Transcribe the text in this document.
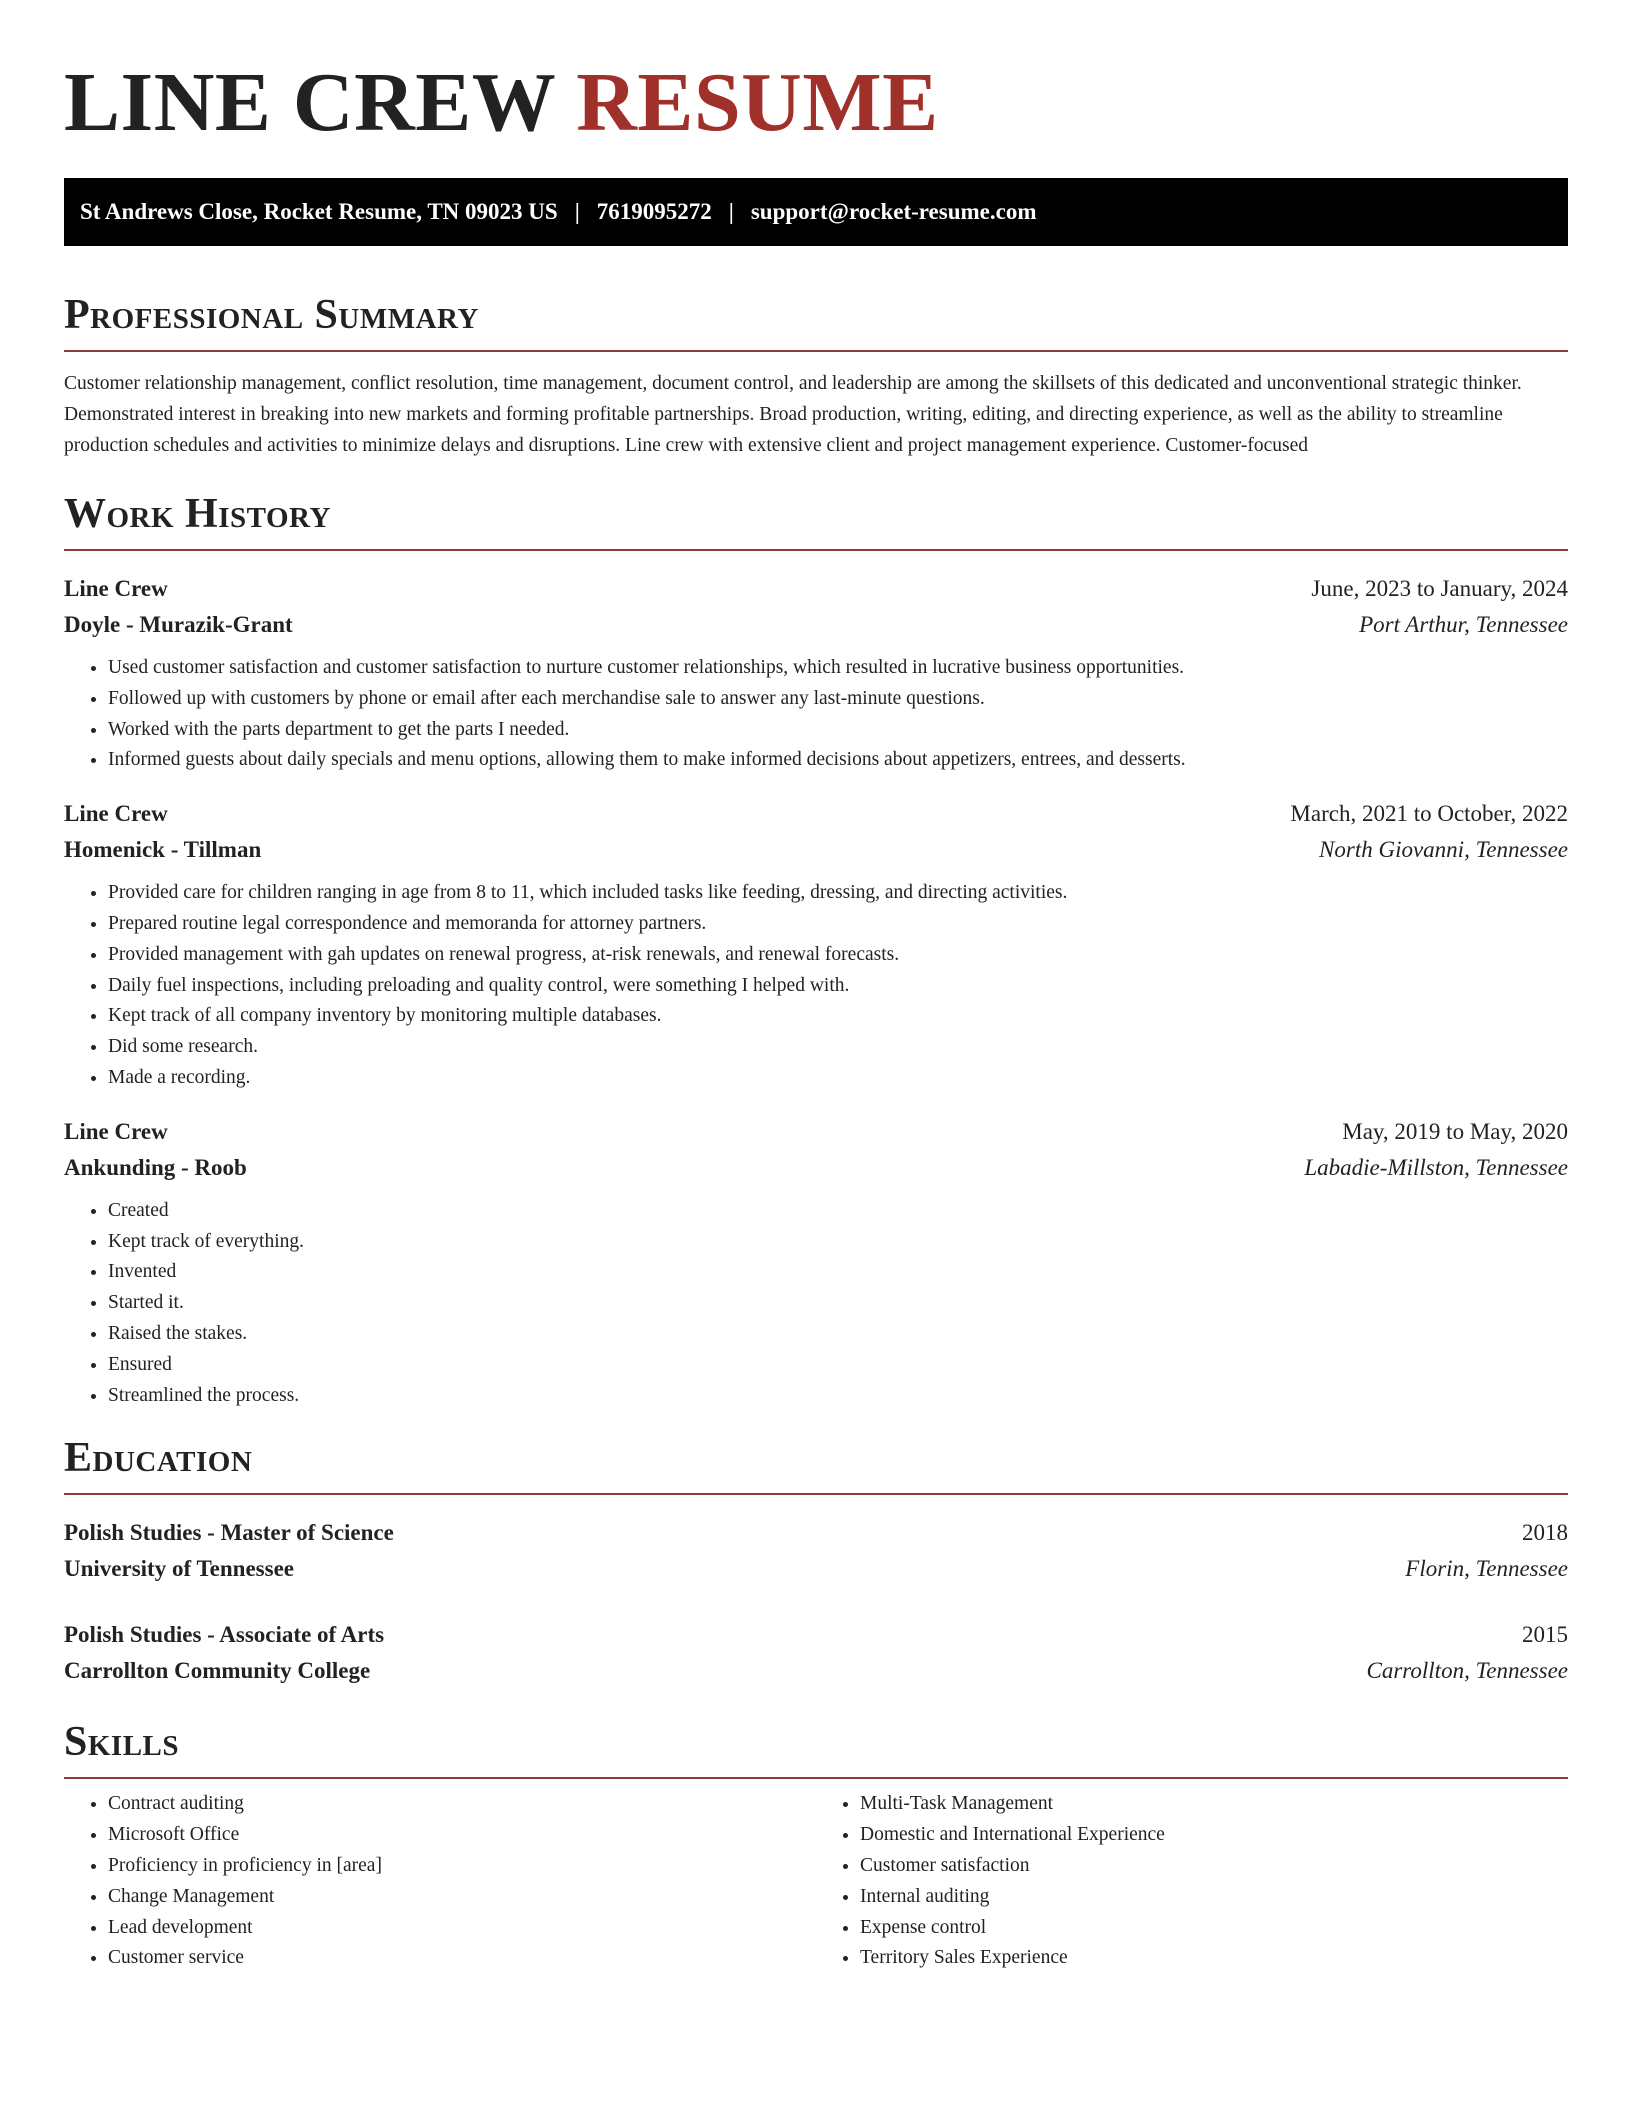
LINE CREW RESUME
St Andrews Close, Rocket Resume, TN 09023 US | 7619095272 | support@rocket-resume.com
Professional Summary

Customer relationship management, conflict resolution, time management, document control, and leadership are among the skillsets of this dedicated and unconventional strategic thinker. Demonstrated interest in breaking into new markets and forming profitable partnerships. Broad production, writing, editing, and directing experience, as well as the ability to streamline production schedules and activities to minimize delays and disruptions. Line crew with extensive client and project management experience. Customer-focused

Work History
Line Crew	June, 2023 to January, 2024
Doyle - Murazik-Grant	Port Arthur, Tennessee
• Used customer satisfaction and customer satisfaction to nurture customer relationships, which resulted in lucrative business opportunities.
• Followed up with customers by phone or email after each merchandise sale to answer any last-minute questions.
• Worked with the parts department to get the parts I needed.
• Informed guests about daily specials and menu options, allowing them to make informed decisions about appetizers, entrees, and desserts.
Line Crew	March, 2021 to October, 2022
Homenick - Tillman	North Giovanni, Tennessee
• Provided care for children ranging in age from 8 to 11, which included tasks like feeding, dressing, and directing activities.
• Prepared routine legal correspondence and memoranda for attorney partners.
• Provided management with gah updates on renewal progress, at-risk renewals, and renewal forecasts.
• Daily fuel inspections, including preloading and quality control, were something I helped with.
• Kept track of all company inventory by monitoring multiple databases.
• Did some research.
• Made a recording.
Line Crew	May, 2019 to May, 2020
Ankunding - Roob	Labadie-Millston, Tennessee
• Created
• Kept track of everything.
• Invented
• Started it.
• Raised the stakes.
• Ensured
• Streamlined the process.
Education
Polish Studies - Master of Science	2018
University of Tennessee	Florin, Tennessee
Polish Studies - Associate of Arts	2015
Carrollton Community College	Carrollton, Tennessee
Skills
• Contract auditing
• Microsoft Office
• Proficiency in proficiency in [area]
• Change Management
• Lead development
• Customer service
• Multi-Task Management
• Domestic and International Experience
• Customer satisfaction
• Internal auditing
• Expense control
• Territory Sales Experience
